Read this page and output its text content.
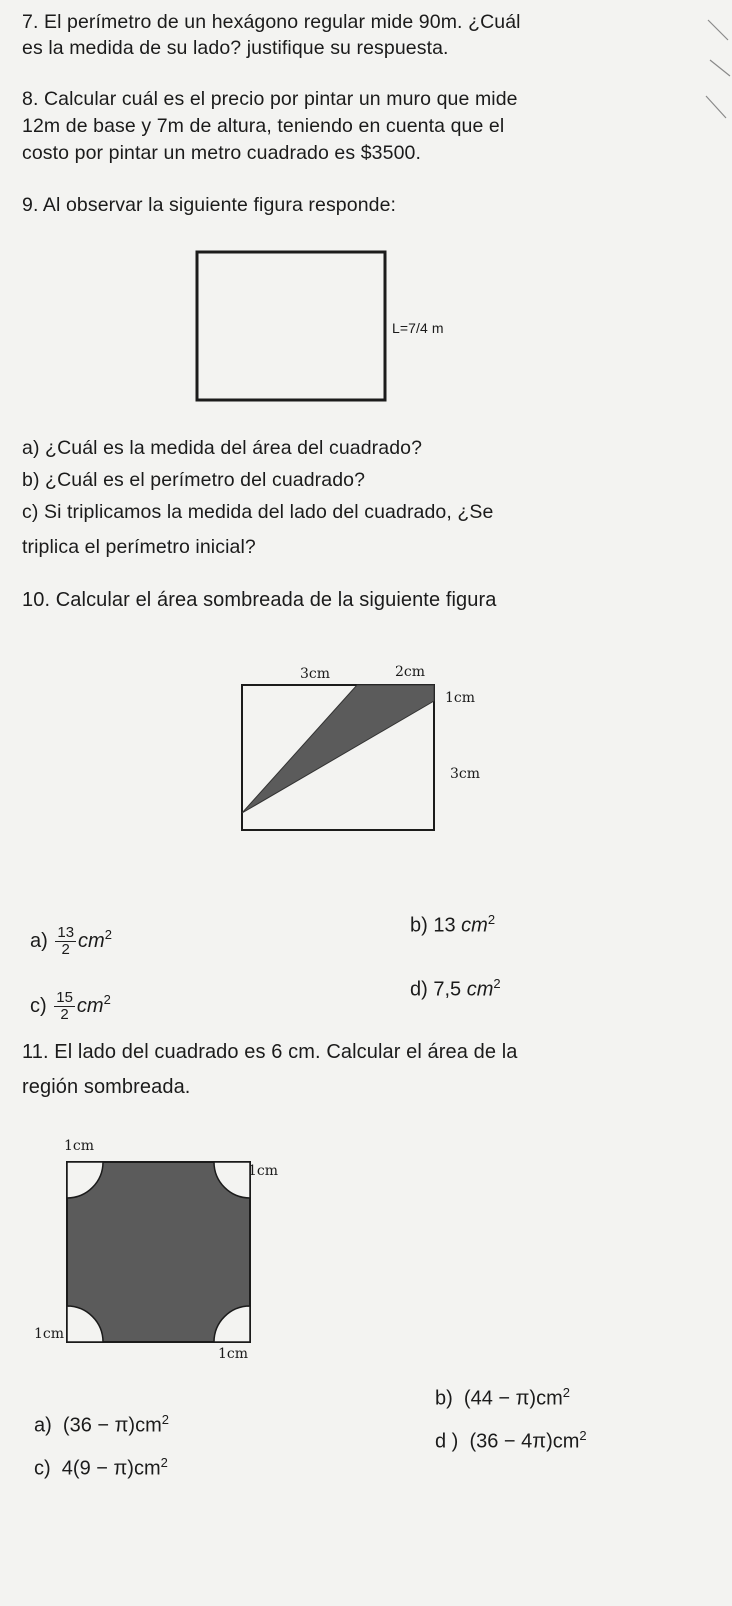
7. El perímetro de un hexágono regular mide 90m. ¿Cuál
es la medida de su lado? justifique su respuesta.
8. Calcular cuál es el precio por pintar un muro que mide
12m de base y 7m de altura, teniendo en cuenta que el
costo por pintar un metro cuadrado es $3500.
9. Al observar la siguiente figura responde:
L=7/4 m
a) ¿Cuál es la medida del área del cuadrado?
b) ¿Cuál es el perímetro del cuadrado?
c) Si triplicamos la medida del lado del cuadrado, ¿Se
triplica el perímetro inicial?
10. Calcular el área sombreada de la siguiente figura
3cm	2cm
1cm
3cm
$a) \frac{13}{2} cm^2$	b) 13 $cm^2$
$c) \frac{15}{2} cm^2$	d) 7,5 $cm^2$
11. El lado del cuadrado es 6 cm. Calcular el área de la
región sombreada.
1cm
1cm
1cm
1cm
a) $(36 - \pi)cm^2$
b) $(44 - \pi)cm^2$
c) $4(9 - \pi)cm^2$
d ) $(36 - 4\pi)cm^2$
